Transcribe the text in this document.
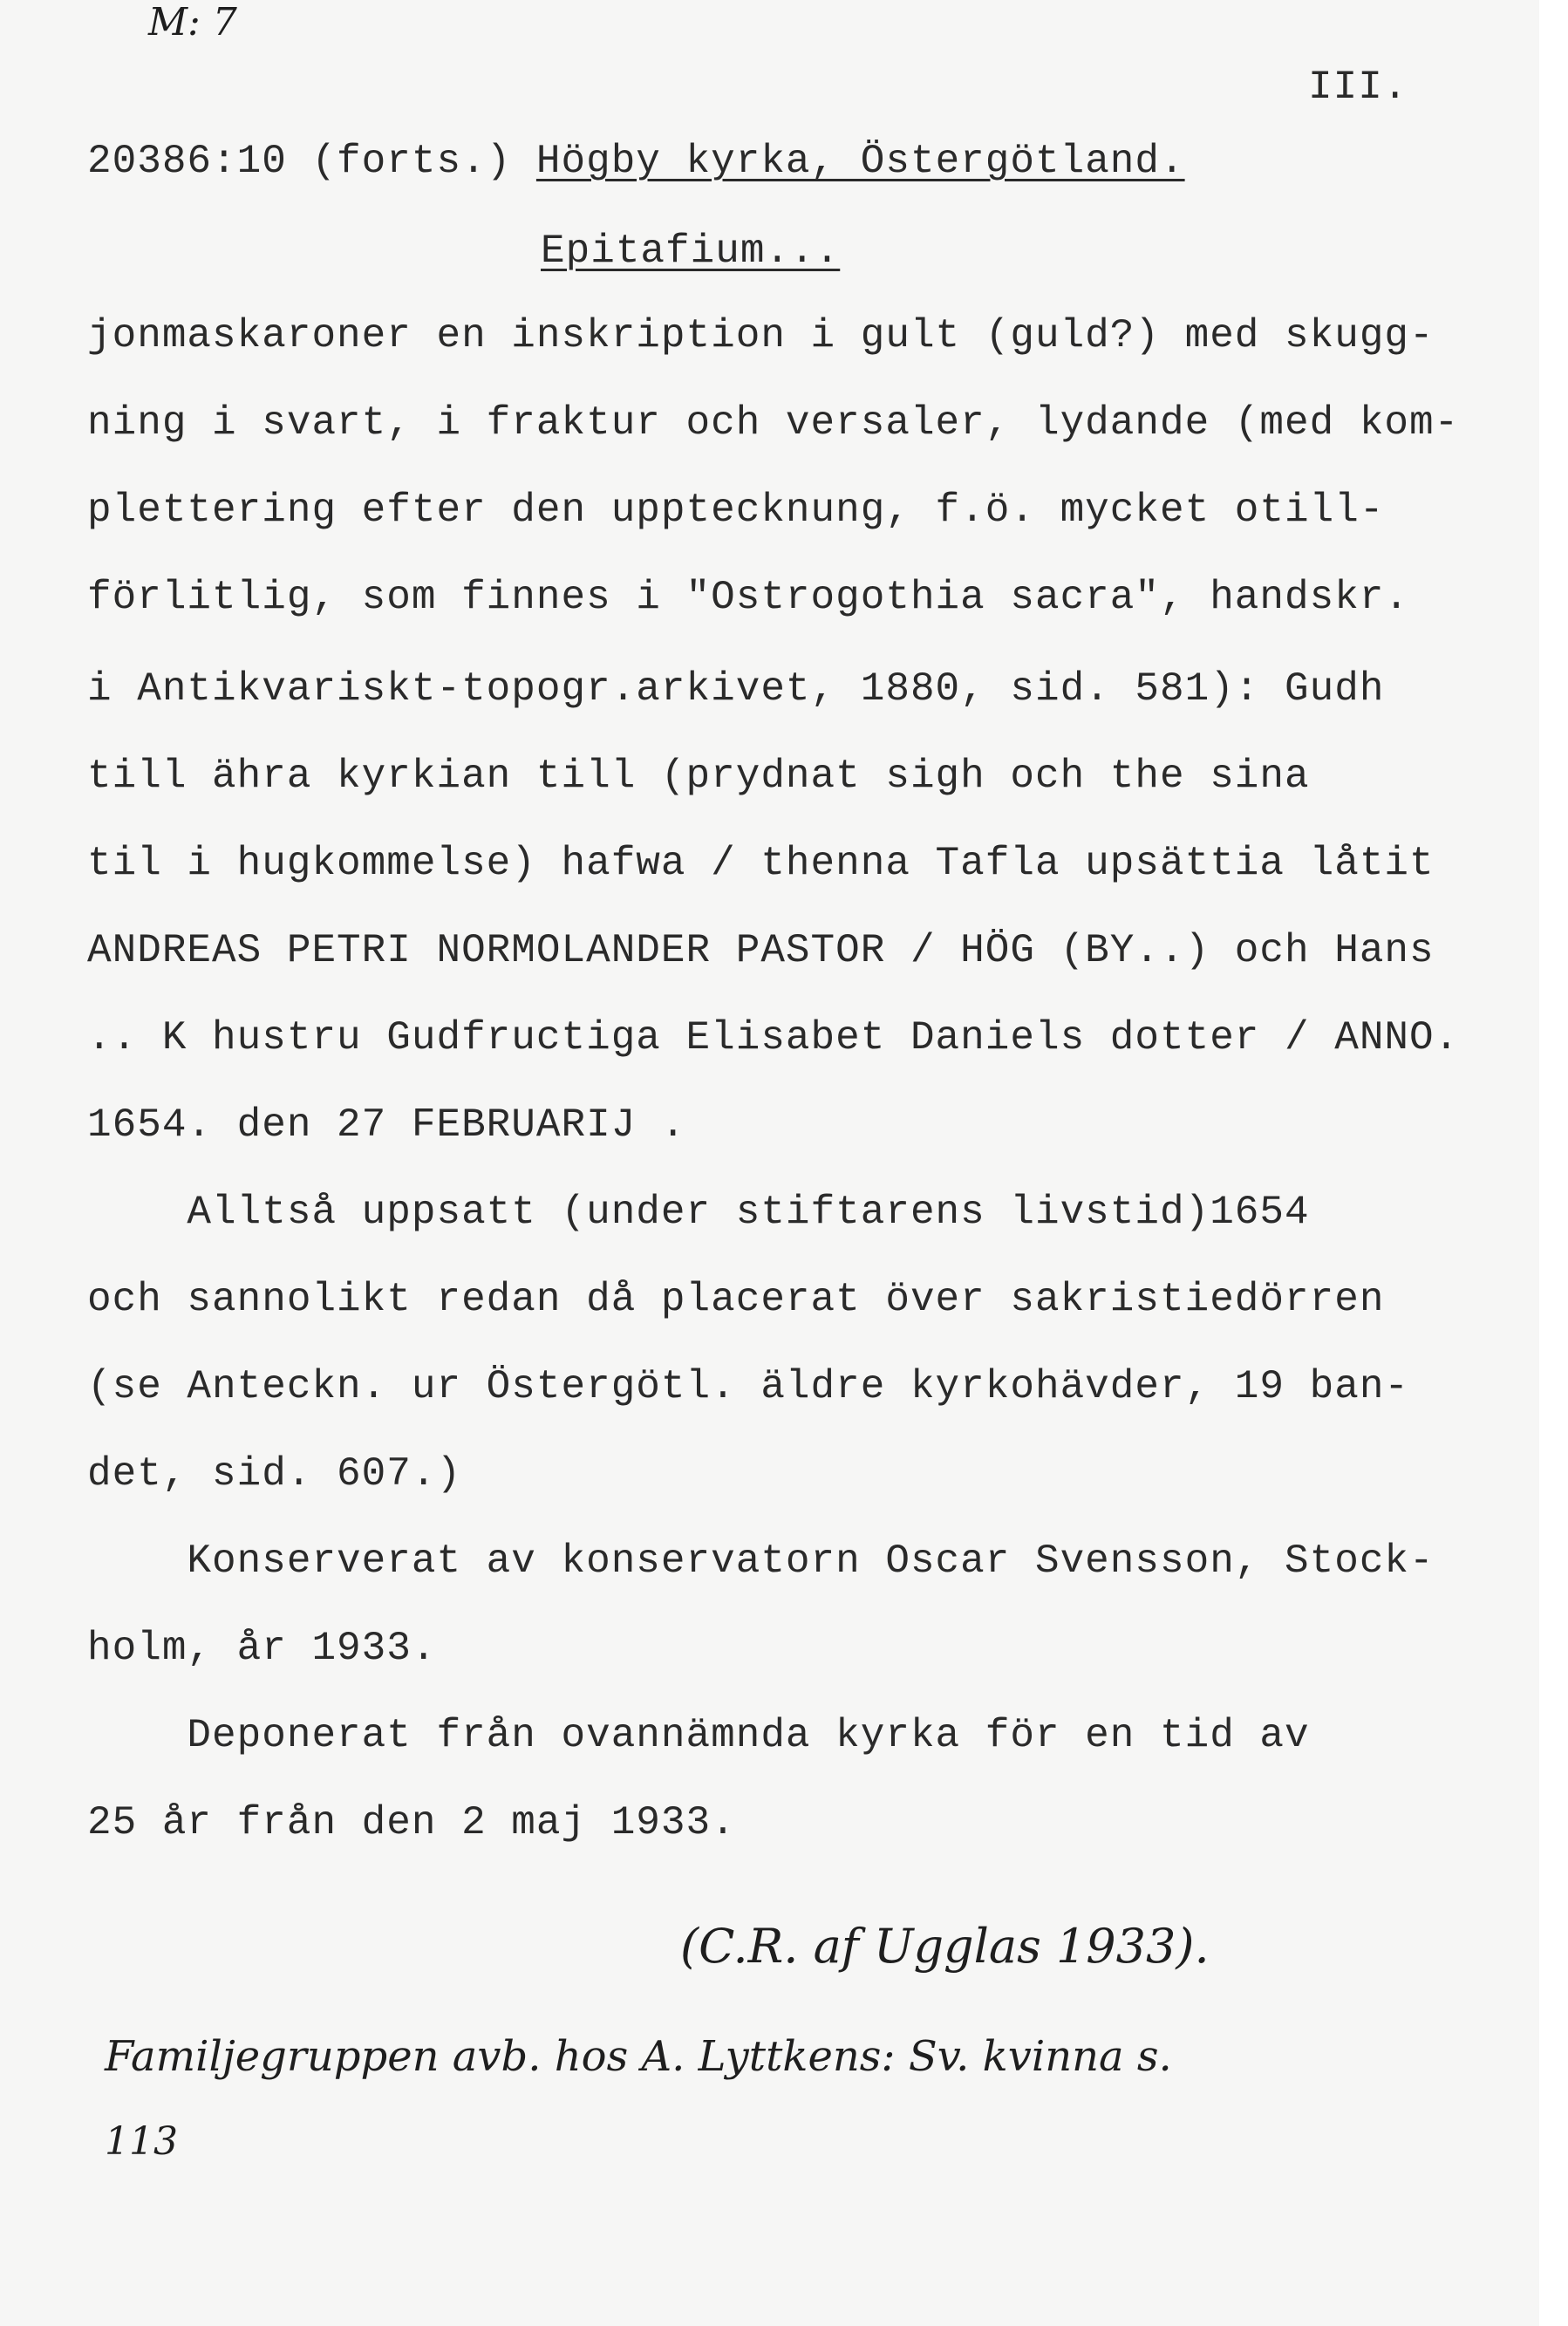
M: 7
III.
20386:10 (forts.) Högby kyrka, Östergötland.
Epitafium...
jonmaskaroner en inskription i gult (guld?) med skugg-
ning i svart, i fraktur och versaler, lydande (med kom-
plettering efter den upptecknung, f.ö. mycket otill-
förlitlig, som finnes i "Ostrogothia sacra", handskr.
i Antikvariskt-topogr.arkivet, 1880, sid. 581): Gudh
till ähra kyrkian till (prydnat sigh och the sina
til i hugkommelse) hafwa / thenna Tafla upsättia låtit
ANDREAS PETRI NORMOLANDER PASTOR / HÖG (BY..) och Hans
.. K hustru Gudfructiga Elisabet Daniels dotter / ANNO.
1654. den 27 FEBRUARIJ .
Alltså uppsatt (under stiftarens livstid)1654
och sannolikt redan då placerat över sakristiedörren
(se Anteckn. ur Östergötl. äldre kyrkohävder, 19 ban-
det, sid. 607.)
Konserverat av konservatorn Oscar Svensson, Stock-
holm, år 1933.
Deponerat från ovannämnda kyrka för en tid av
25 år från den 2 maj 1933.
(C.R. af Ugglas 1933).
Familjegruppen avb. hos A. Lyttkens: Sv. kvinna s.
113
